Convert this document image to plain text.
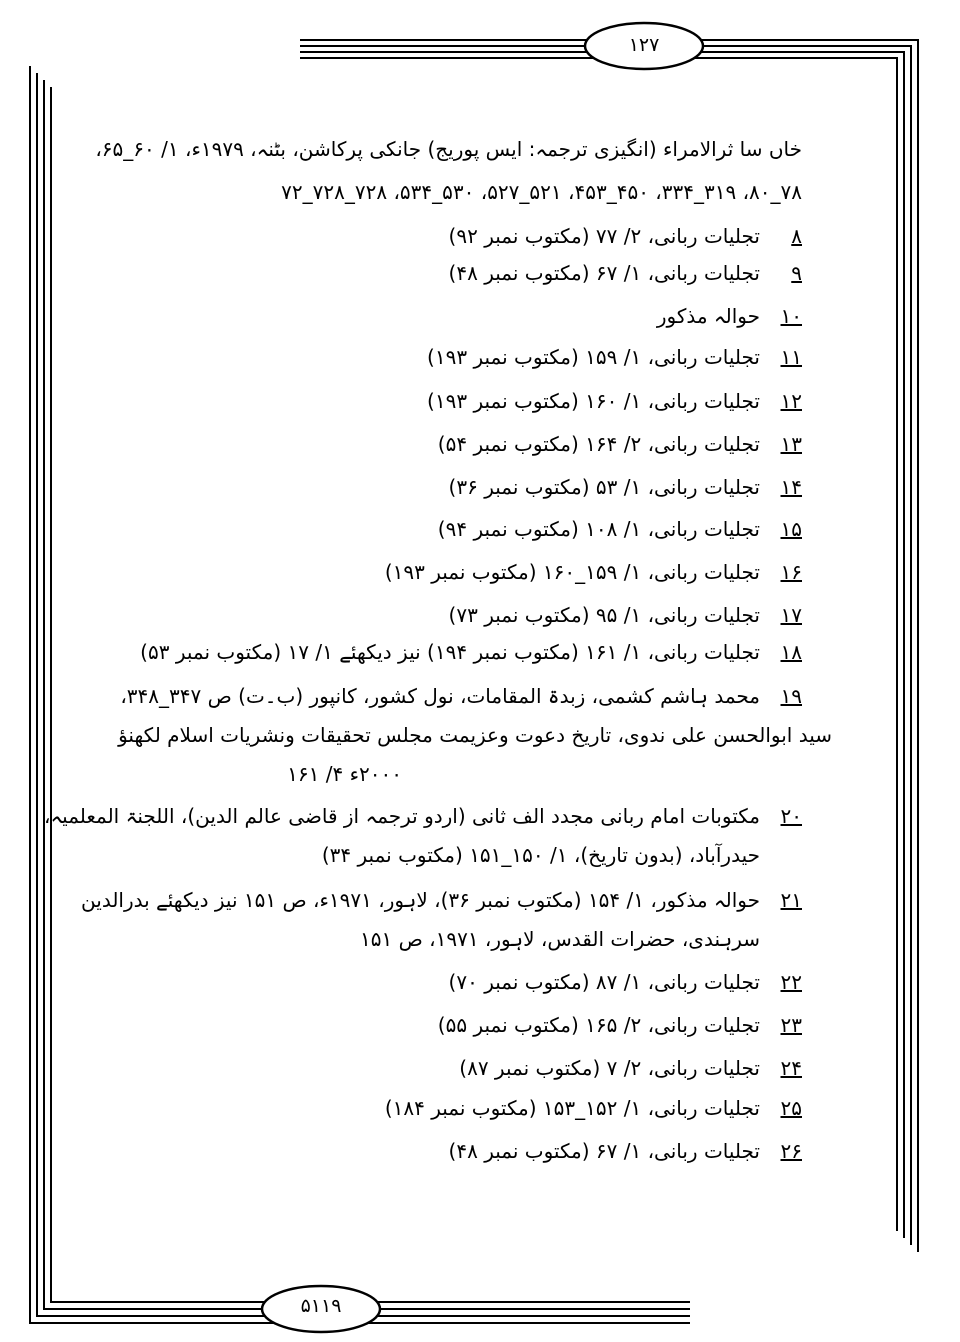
۱۲۷
۵۱۱۹
خاں سا ثرالامراء (انگیزی ترجمہ: ایس پوریج) جانکی پرکاشن، بٹنہ، ۱۹۷۹ء، ۱/ ۶۰_۶۵،
۷۸_۸۰، ۳۱۹_۳۳۴، ۴۵۰_۴۵۳، ۵۲۱_۵۲۷، ۵۳۰_۵۳۴، ۷۲۸_۷۲۸_۷۲
۸تجلیات ربانی، ۲/ ۷۷ (مکتوب نمبر ۹۲)
۹تجلیات ربانی، ۱/ ۶۷ (مکتوب نمبر ۴۸)
۱۰حوالہ مذکور
۱۱تجلیات ربانی، ۱/ ۱۵۹ (مکتوب نمبر ۱۹۳)
۱۲تجلیات ربانی، ۱/ ۱۶۰ (مکتوب نمبر ۱۹۳)
۱۳تجلیات ربانی، ۲/ ۱۶۴ (مکتوب نمبر ۵۴)
۱۴تجلیات ربانی، ۱/ ۵۳ (مکتوب نمبر ۳۶)
۱۵تجلیات ربانی، ۱/ ۱۰۸ (مکتوب نمبر ۹۴)
۱۶تجلیات ربانی، ۱/ ۱۵۹_۱۶۰ (مکتوب نمبر ۱۹۳)
۱۷تجلیات ربانی، ۱/ ۹۵ (مکتوب نمبر ۷۳)
۱۸تجلیات ربانی، ۱/ ۱۶۱ (مکتوب نمبر ۱۹۴) نیز دیکھئے ۱/ ۱۷ (مکتوب نمبر ۵۳)
۱۹محمد ہاشم کشمی، زبدۃ المقامات، نول کشور، کانپور (ب۔ت) ص ۳۴۷_۳۴۸،
سید ابوالحسن علی ندوی، تاریخ دعوت وعزیمت مجلس تحقیقات ونشریات اسلام لکھنؤ
۲۰۰۰ء ۴/ ۱۶۱
۲۰مکتوبات امام ربانی مجدد الف ثانی (اردو ترجمہ از قاضی عالم الدین)، اللجنۃ المعلمیہ،
حیدرآباد، (بدون تاریخ)، ۱/ ۱۵۰_۱۵۱ (مکتوب نمبر ۳۴)
۲۱حوالہ مذکور، ۱/ ۱۵۴ (مکتوب نمبر ۳۶)، لاہور، ۱۹۷۱ء، ص ۱۵۱ نیز دیکھئے بدرالدین
سرہندی، حضرات القدس، لاہور، ۱۹۷۱، ص ۱۵۱
۲۲تجلیات ربانی، ۱/ ۸۷ (مکتوب نمبر ۷۰)
۲۳تجلیات ربانی، ۲/ ۱۶۵ (مکتوب نمبر ۵۵)
۲۴تجلیات ربانی، ۲/ ۷ (مکتوب نمبر ۸۷)
۲۵تجلیات ربانی، ۱/ ۱۵۲_۱۵۳ (مکتوب نمبر ۱۸۴)
۲۶تجلیات ربانی، ۱/ ۶۷ (مکتوب نمبر ۴۸)
